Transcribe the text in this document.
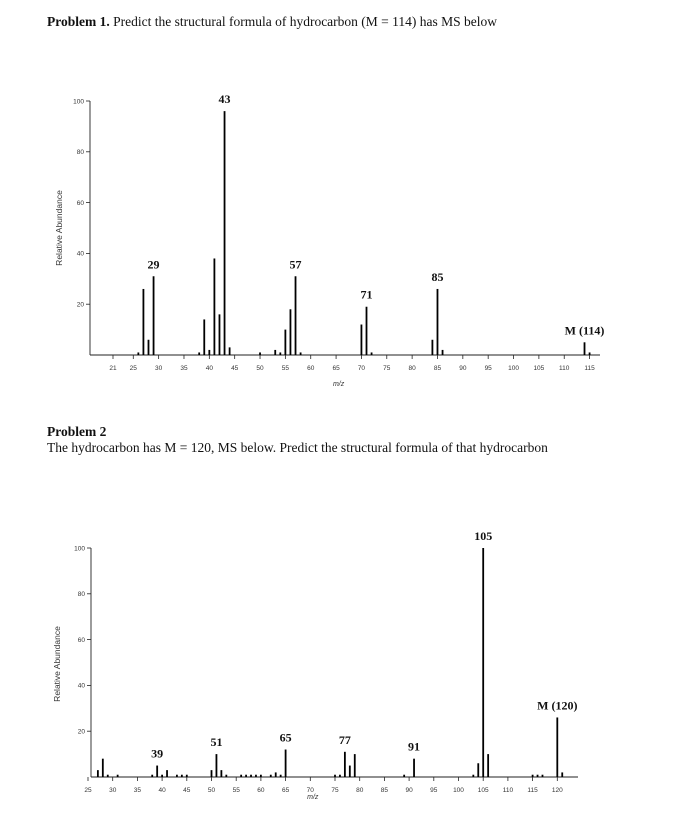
Problem 1. Predict the structural formula of hydrocarbon (M = 114) has MS below
Problem 2
The hydrocarbon has M = 120, MS below. Predict the structural formula of that hydrocarbon
100
80
60
40
20
21 25	30	35	40	45	50	55	60	65	70	75	80	85	90	95	100 105 110 115
Relative Abundance
m/z
29
43
57
71
85
M (114)
100
80
60
40
20
25	30	35	40	45	50	55	60	65	70	75	80	85	90	95 100 105 110 115 120
Relative Abundance
m/z
39
51	65	77	91
105
M (120)
